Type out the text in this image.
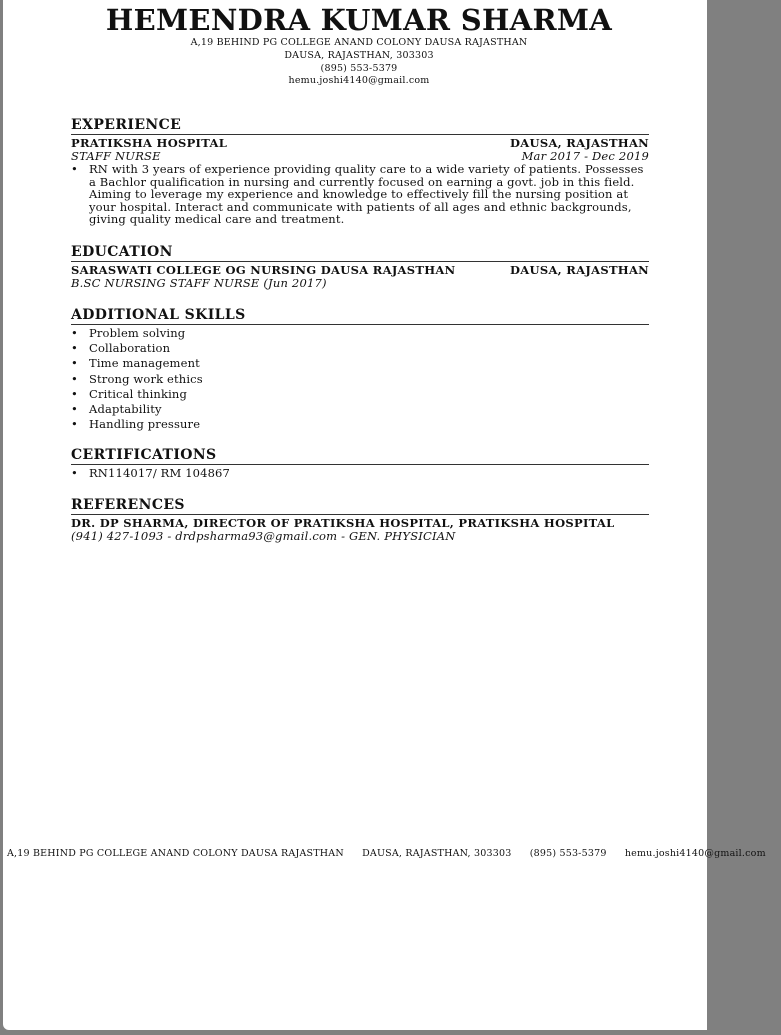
HEMENDRA KUMAR SHARMA
A,19 BEHIND PG COLLEGE ANAND COLONY DAUSA RAJASTHAN
DAUSA, RAJASTHAN, 303303
(895) 553-5379
hemu.joshi4140@gmail.com
EXPERIENCE
PRATIKSHA HOSPITAL	DAUSA, RAJASTHAN
STAFF NURSE	Mar 2017 - Dec 2019
• RN with 3 years of experience providing quality care to a wide variety of patients. Possesses a Bachlor qualification in nursing and currently focused on earning a govt. job in this field. Aiming to leverage my experience and knowledge to effectively fill the nursing position at your hospital. Interact and communicate with patients of all ages and ethnic backgrounds, giving quality medical care and treatment.
EDUCATION
SARASWATI COLLEGE OG NURSING DAUSA RAJASTHAN	DAUSA, RAJASTHAN
B.SC NURSING STAFF NURSE (Jun 2017)
ADDITIONAL SKILLS
• Problem solving
• Collaboration
• Time management
• Strong work ethics
• Critical thinking
• Adaptability
• Handling pressure
CERTIFICATIONS
• RN114017/ RM 104867
REFERENCES
DR. DP SHARMA, DIRECTOR OF PRATIKSHA HOSPITAL, PRATIKSHA HOSPITAL
(941) 427-1093 - drdpsharma93@gmail.com - GEN. PHYSICIAN
A,19 BEHIND PG COLLEGE ANAND COLONY DAUSA RAJASTHAN DAUSA, RAJASTHAN, 303303 (895) 553-5379 hemu.joshi4140@gmail.com
